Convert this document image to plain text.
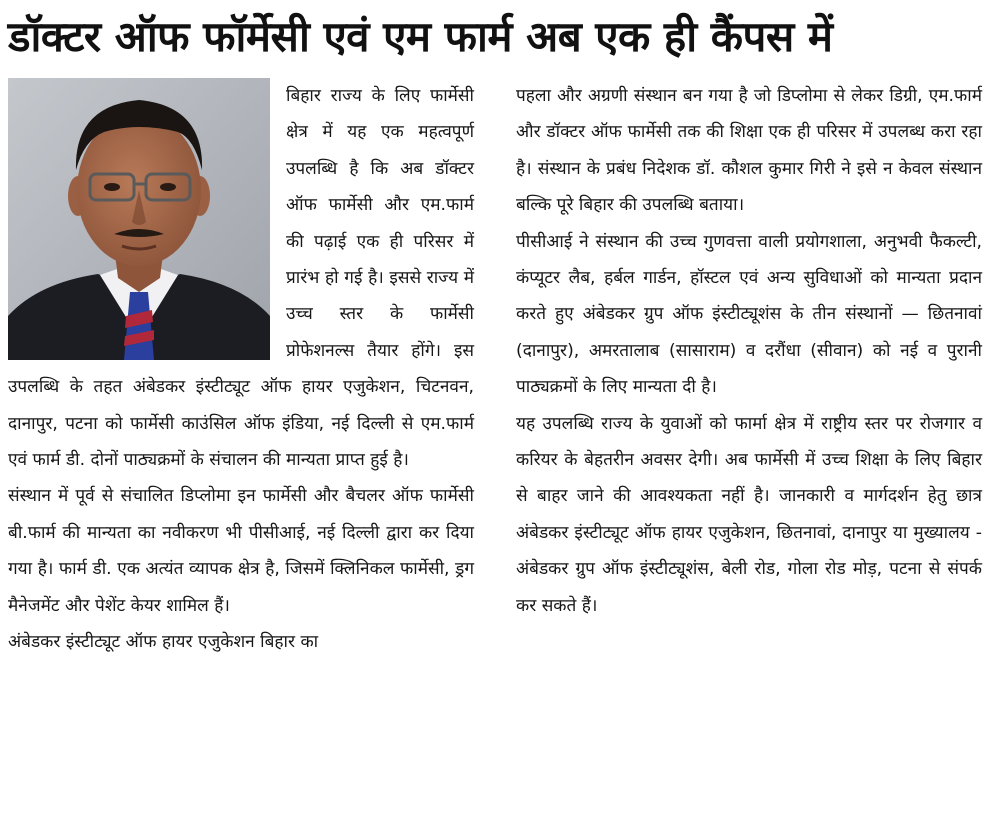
डॉक्टर ऑफ फॉर्मेसी एवं एम फार्म अब एक ही कैंपस में

बिहार राज्य के लिए फार्मेसी क्षेत्र में यह एक महत्वपूर्ण उपलब्धि है कि अब डॉक्टर ऑफ फार्मेसी और एम.फार्म की पढ़ाई एक ही परिसर में प्रारंभ हो गई है। इससे राज्य में उच्च स्तर के फार्मेसी प्रोफेशनल्स तैयार होंगे। इस उपलब्धि के तहत अंबेडकर इंस्टीट्यूट ऑफ हायर एजुकेशन, चिटनवन, दानापुर, पटना को फार्मेसी काउंसिल ऑफ इंडिया, नई दिल्ली से एम.फार्म एवं फार्म डी. दोनों पाठ्यक्रमों के संचालन की मान्यता प्राप्त हुई है।

संस्थान में पूर्व से संचालित डिप्लोमा इन फार्मेसी और बैचलर ऑफ फार्मेसी बी.फार्म की मान्यता का नवीकरण भी पीसीआई, नई दिल्ली द्वारा कर दिया गया है। फार्म डी. एक अत्यंत व्यापक क्षेत्र है, जिसमें क्लिनिकल फार्मेसी, ड्रग मैनेजमेंट और पेशेंट केयर शामिल हैं।

अंबेडकर इंस्टीट्यूट ऑफ हायर एजुकेशन बिहार का

पहला और अग्रणी संस्थान बन गया है जो डिप्लोमा से लेकर डिग्री, एम.फार्म और डॉक्टर ऑफ फार्मेसी तक की शिक्षा एक ही परिसर में उपलब्ध करा रहा है। संस्थान के प्रबंध निदेशक डॉ. कौशल कुमार गिरी ने इसे न केवल संस्थान बल्कि पूरे बिहार की उपलब्धि बताया।

पीसीआई ने संस्थान की उच्च गुणवत्ता वाली प्रयोगशाला, अनुभवी फैकल्टी, कंप्यूटर लैब, हर्बल गार्डन, हॉस्टल एवं अन्य सुविधाओं को मान्यता प्रदान करते हुए अंबेडकर ग्रुप ऑफ इंस्टीट्यूशंस के तीन संस्थानों — छितनावां (दानापुर), अमरतालाब (सासाराम) व दरौंधा (सीवान) को नई व पुरानी पाठ्यक्रमों के लिए मान्यता दी है।

यह उपलब्धि राज्य के युवाओं को फार्मा क्षेत्र में राष्ट्रीय स्तर पर रोजगार व करियर के बेहतरीन अवसर देगी। अब फार्मेसी में उच्च शिक्षा के लिए बिहार से बाहर जाने की आवश्यकता नहीं है। जानकारी व मार्गदर्शन हेतु छात्र अंबेडकर इंस्टीट्यूट ऑफ हायर एजुकेशन, छितनावां, दानापुर या मुख्यालय - अंबेडकर ग्रुप ऑफ इंस्टीट्यूशंस, बेली रोड, गोला रोड मोड़, पटना से संपर्क कर सकते हैं।
